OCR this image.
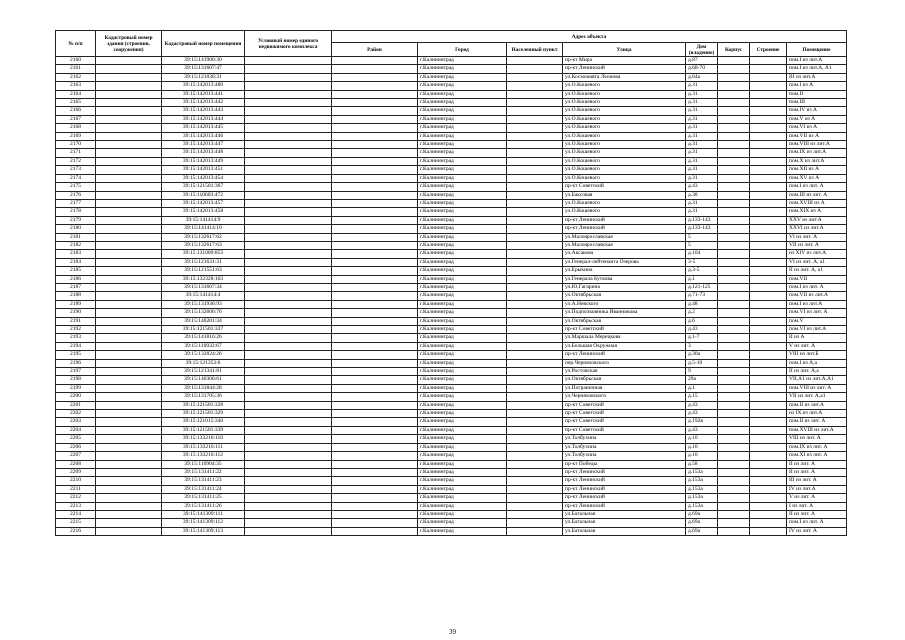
№ п/п	Кадастровый номер здания (строения, сооружения)	Кадастровый номер помещения	Условный номер единого недвижимого комплекса	Адрес объекта							
				Район	Город	Населенный пункт	Улица	Дом (владение)	Корпус	Строение	Помещение
2160		39:15:141906:30			г.Калининград		пр-кт Мира	д.87			пом.I из лит.А
2161		39:15:131607:47			г.Калининград		пр-кт Ленинский	д.68-70			пом.I из лит.А, А1
2162		39:15:121036:31			г.Калининград		ул.Космонавта Леонова	д.64а			III из лит.А
2163		39:15:142013:480			г.Калининград		ул.О.Кошевого	д.31			пом.I из А
2164		39:15:142013:441			г.Калининград		ул.О.Кошевого	д.31			пом.II
2165		39:15:142013:442			г.Калининград		ул.О.Кошевого	д.31			пом.III
2166		39:15:142013:443			г.Калининград		ул.О.Кошевого	д.31			пом.IV из А
2167		39:15:142013:444			г.Калининград		ул.О.Кошевого	д.31			пом.V из А
2168		39:15:142013:445			г.Калининград		ул.О.Кошевого	д.31			пом.VI из А
2169		39:15:142013:446			г.Калининград		ул.О.Кошевого	д.31			пом.VII из А
2170		39:15:142013:447			г.Калининград		ул.О.Кошевого	д.31			пом.VIII из лит.А
2171		39:15:142013:448			г.Калининград		ул.О.Кошевого	д.31			пом.IX из лит.А
2172		39:15:142013:449			г.Калининград		ул.О.Кошевого	д.31			пом.X из лит.А
2173		39:15:142013:451			г.Калининград		ул.О.Кошевого	д.31			пом.XII из А
2174		39:15:142013:454			г.Калининград		ул.О.Кошевого	д.31			пом.XV из А
2175		39:15:121501:367			г.Калининград		пр-кт Советский	д.43			пом.I из лит. А
2176		39:15:110603:472			г.Калининград		ул.Баксовая	д.38			пом.III из лит. А
2177		39:15:142013:457			г.Калининград		ул.О.Кошевого	д.31			пом.XVIII из А
2178		39:15:142013:458			г.Калининград		ул.О.Кошевого	д.31			пом.XIX из А
2179		39:15:141414:9			г.Калининград		пр-кт Ленинский	д.133-143			XXV из лит.А
2180		39:15:141414:10			г.Калининград		пр-кт Ленинский	д.133-143			XXVI из лит.А
2181		39:15:132617:62			г.Калининград		ул.Малоярославская	5			VI из лит. А
2182		39:15:132617:63			г.Калининград		ул.Малоярославская	5			VII из лит. А
2183		39:15:131009:853			г.Калининград		ул.Аксакова	д.104			из XIV из лит.А
2184		39:15:121631:31			г.Калининград		ул.Генерал-лейтенанта Озерова	3-5			VI из лит. А, а1
2185		39:15:121551:63			г.Калининград		ул.Ерыкина	д.3-5			II из лит. А, а1
2186		39:15:132328:163			г.Калининград		ул.Генерала Буткова	д.1			пом.VII
2187		39:15:131607:34			г.Калининград		ул.Ю.Гагарина	д.121-125			пом.I из лит. А
2188		39:15:141414:4			г.Калининград		ул.Октябрьская	д.71-73			пом.VII из лит.А
2189		39:15:131936:93			г.Калининград		ул.А.Невского	д.48			пом.I из лит.А
2190		39:15:132606:76			г.Калининград		ул.Подполковника Иванникова	д.2			пом.VI из лит. А
2191		39:15:140201:34			г.Калининград		ул.Октябрьская	д.6			пом.V
2192		39:15:121501:337			г.Калининград		пр-кт Советский	д.43			пом.VI из лит.А
2193		39:15:141816:26			г.Калининград		ул.Маршала Мерецкова	д.1-7			II из А
2194		39:15:110932:67			г.Калининград		ул.Большая Окружная	3			V из лит. А
2195		39:15:132824:26			г.Калининград		пр-кт Ленинский	д.30а			VIII из лит.Б
2196		39:15:121353:6			г.Калининград		пер.Черняховского	д.5-10			пом.I из А,а
2197		39:15:121341:81			г.Калининград		ул.Ростовская	9			II из лит. А,а
2198		39:15:140306:61			г.Калининград		ул.Октябрьская	29а			VII,А1 из лит.А,А1
2199		39:15:131844:28			г.Калининград		ул.Пограничная	д.1			пом.VIII из лит. А
2200		39:15:131705:36			г.Калининград		ул.Черняховского	д.15			VII из лит. А,а1
2201		39:15:121501:328			г.Калининград		пр-кт Советский	д.43			пом.II из лит.А
2202		39:15:121501:329			г.Калининград		пр-кт Советский	д.43			из IX из лит.А
2203		39:15:121015:340			г.Калининград		пр-кт Советский	д.192в			пом.II из лит. А
2204		39:15:121501:339			г.Калининград		пр-кт Советский	д.43			пом.XVIII из лит.А
2205		39:15:133216:110			г.Калининград		ул.Толбухина	д.10			VIII из лит. А
2206		39:15:133216:111			г.Калининград		ул.Толбухина	д.10			пом.IX из лит. А
2207		39:15:133216:112			г.Калининград		ул.Толбухина	д.10			пом.XI из лит. А
2208		39:15:110904:35			г.Калининград		пр-кт Победы	д.58			II из лит. А
2209		39:15:131411:22			г.Калининград		пр-кт Ленинский	д.153а			II из лит. А
2210		39:15:131411:23			г.Калининград		пр-кт Ленинский	д.153а			III из лит. А
2211		39:15:131411:24			г.Калининград		пр-кт Ленинский	д.153а			IV из лит.А
2212		39:15:131411:25			г.Калининград		пр-кт Ленинский	д.153а			V из лит. А
2213		39:15:131411:26			г.Калининград		пр-кт Ленинский	д.153а			I из лит. А
2214		39:15:141309:111			г.Калининград		ул.Батальная	д.69а			II из лит. А
2215		39:15:141309:112			г.Калининград		ул.Батальная	д.69а			пом.I из лит. А
2216		39:15:141309:113			г.Калининград		ул.Батальная	д.69а			IV из лит. А
39
